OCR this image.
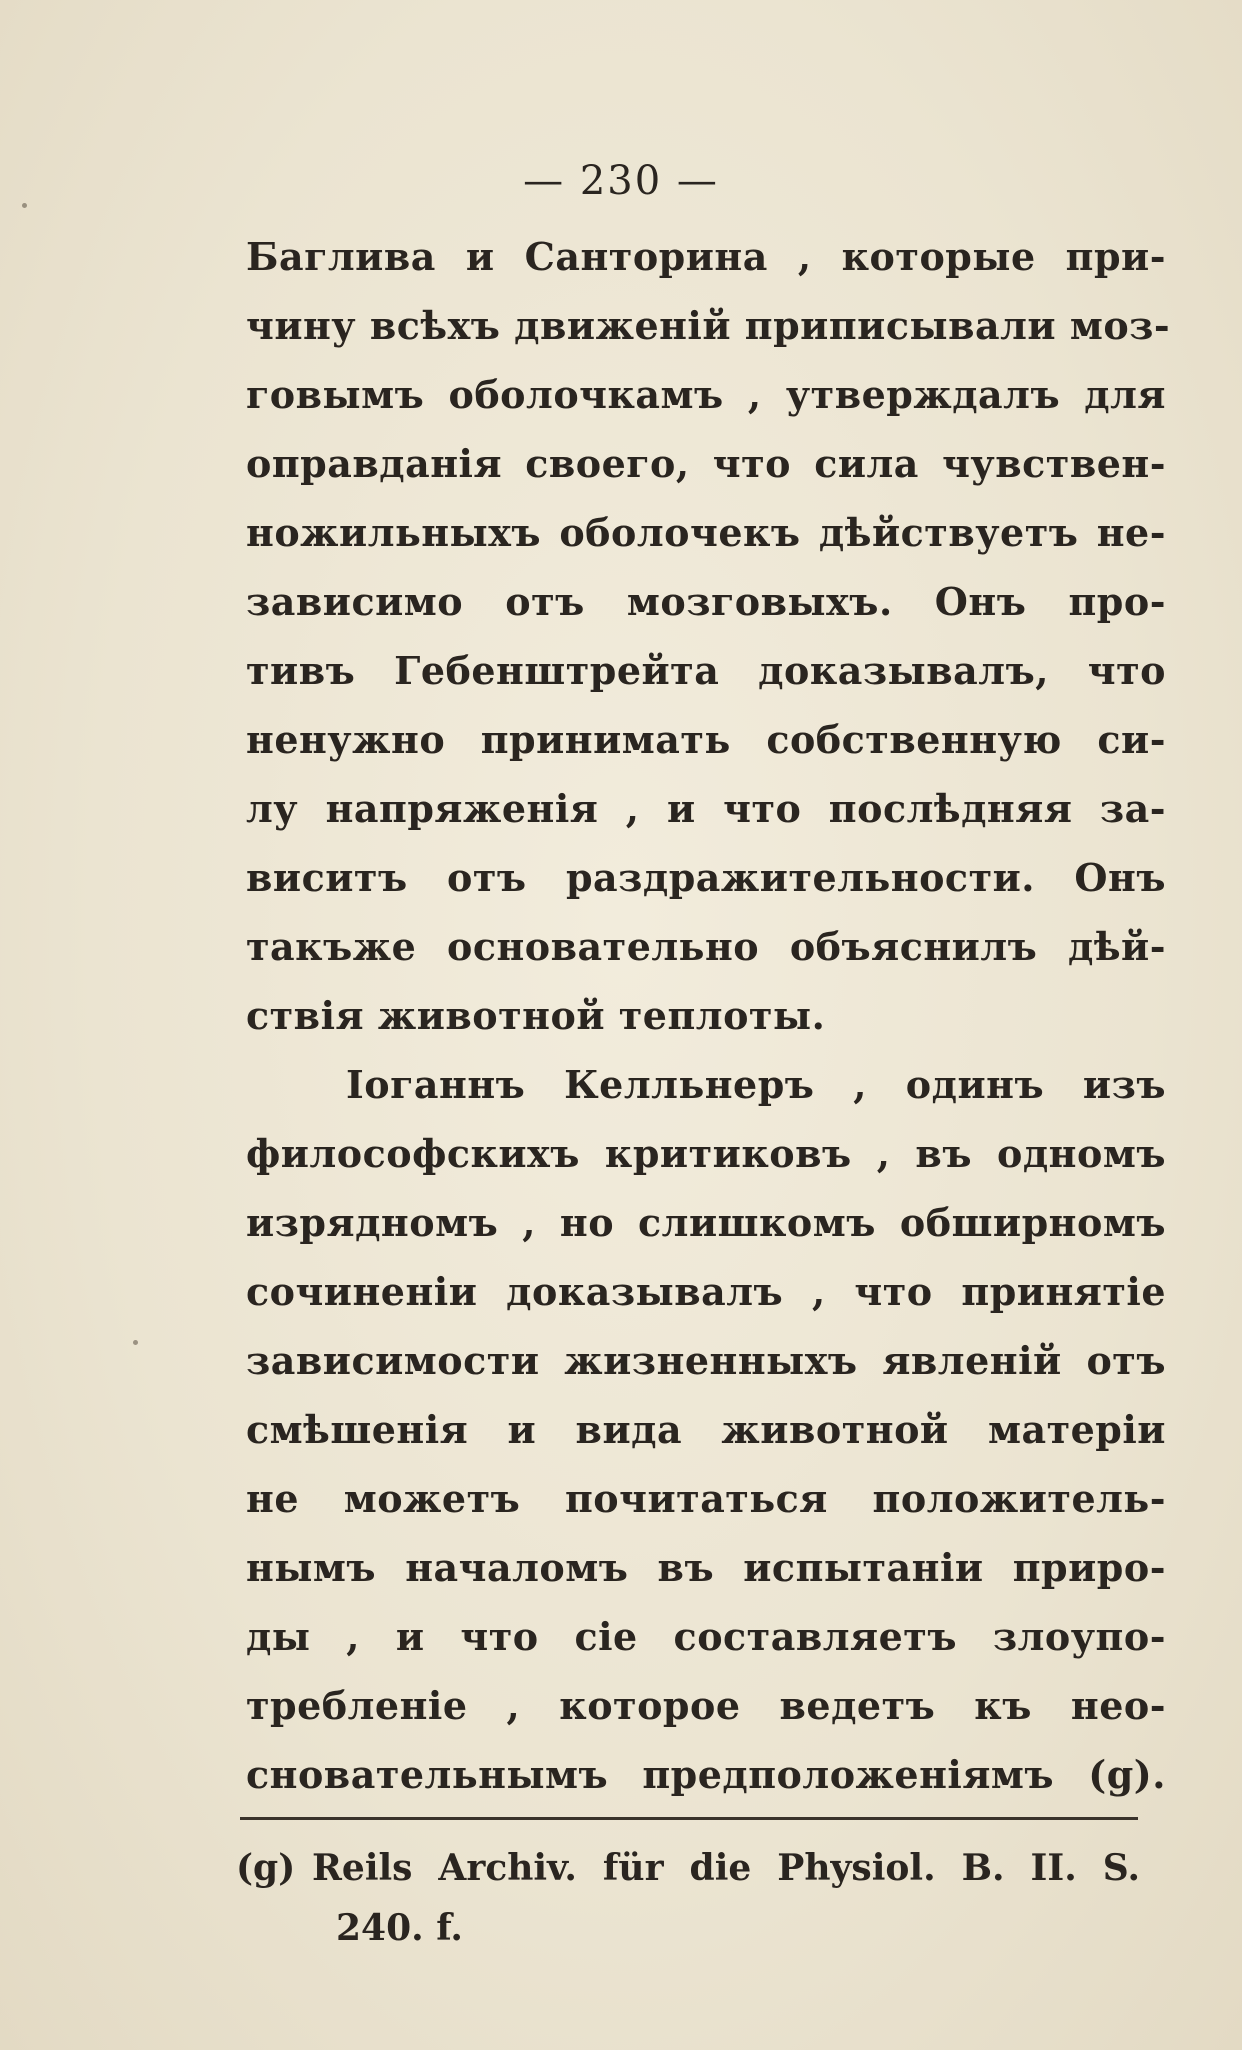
— 230 —
Баглива и Санторина , которые при-
чину всѣхъ движеній приписывали моз-
говымъ оболочкамъ , утверждалъ для
оправданія своего, что сила чувствен-
ножильныхъ оболочекъ дѣйствуетъ не-
зависимо отъ мозговыхъ. Онъ про-
тивъ Гебенштрейта доказывалъ, что
ненужно принимать собственную си-
лу напряженія , и что послѣдняя за-
виситъ отъ раздражительности. Онъ
такъже основательно объяснилъ дѣй-
ствія животной теплоты.
Іоганнъ Келльнеръ , одинъ изъ
философскихъ критиковъ , въ одномъ
изрядномъ , но слишкомъ обширномъ
сочиненіи доказывалъ , что принятіе
зависимости жизненныхъ явленій отъ
смѣшенія и вида животной матеріи
не можетъ почитаться положитель-
нымъ началомъ въ испытаніи приро-
ды , и что сіе составляетъ злоупо-
требленіе , которое ведетъ къ нео-
сновательнымъ предположеніямъ (g).
(g) Reils Archiv. für die Physiol. B. II. S.
240. f.
